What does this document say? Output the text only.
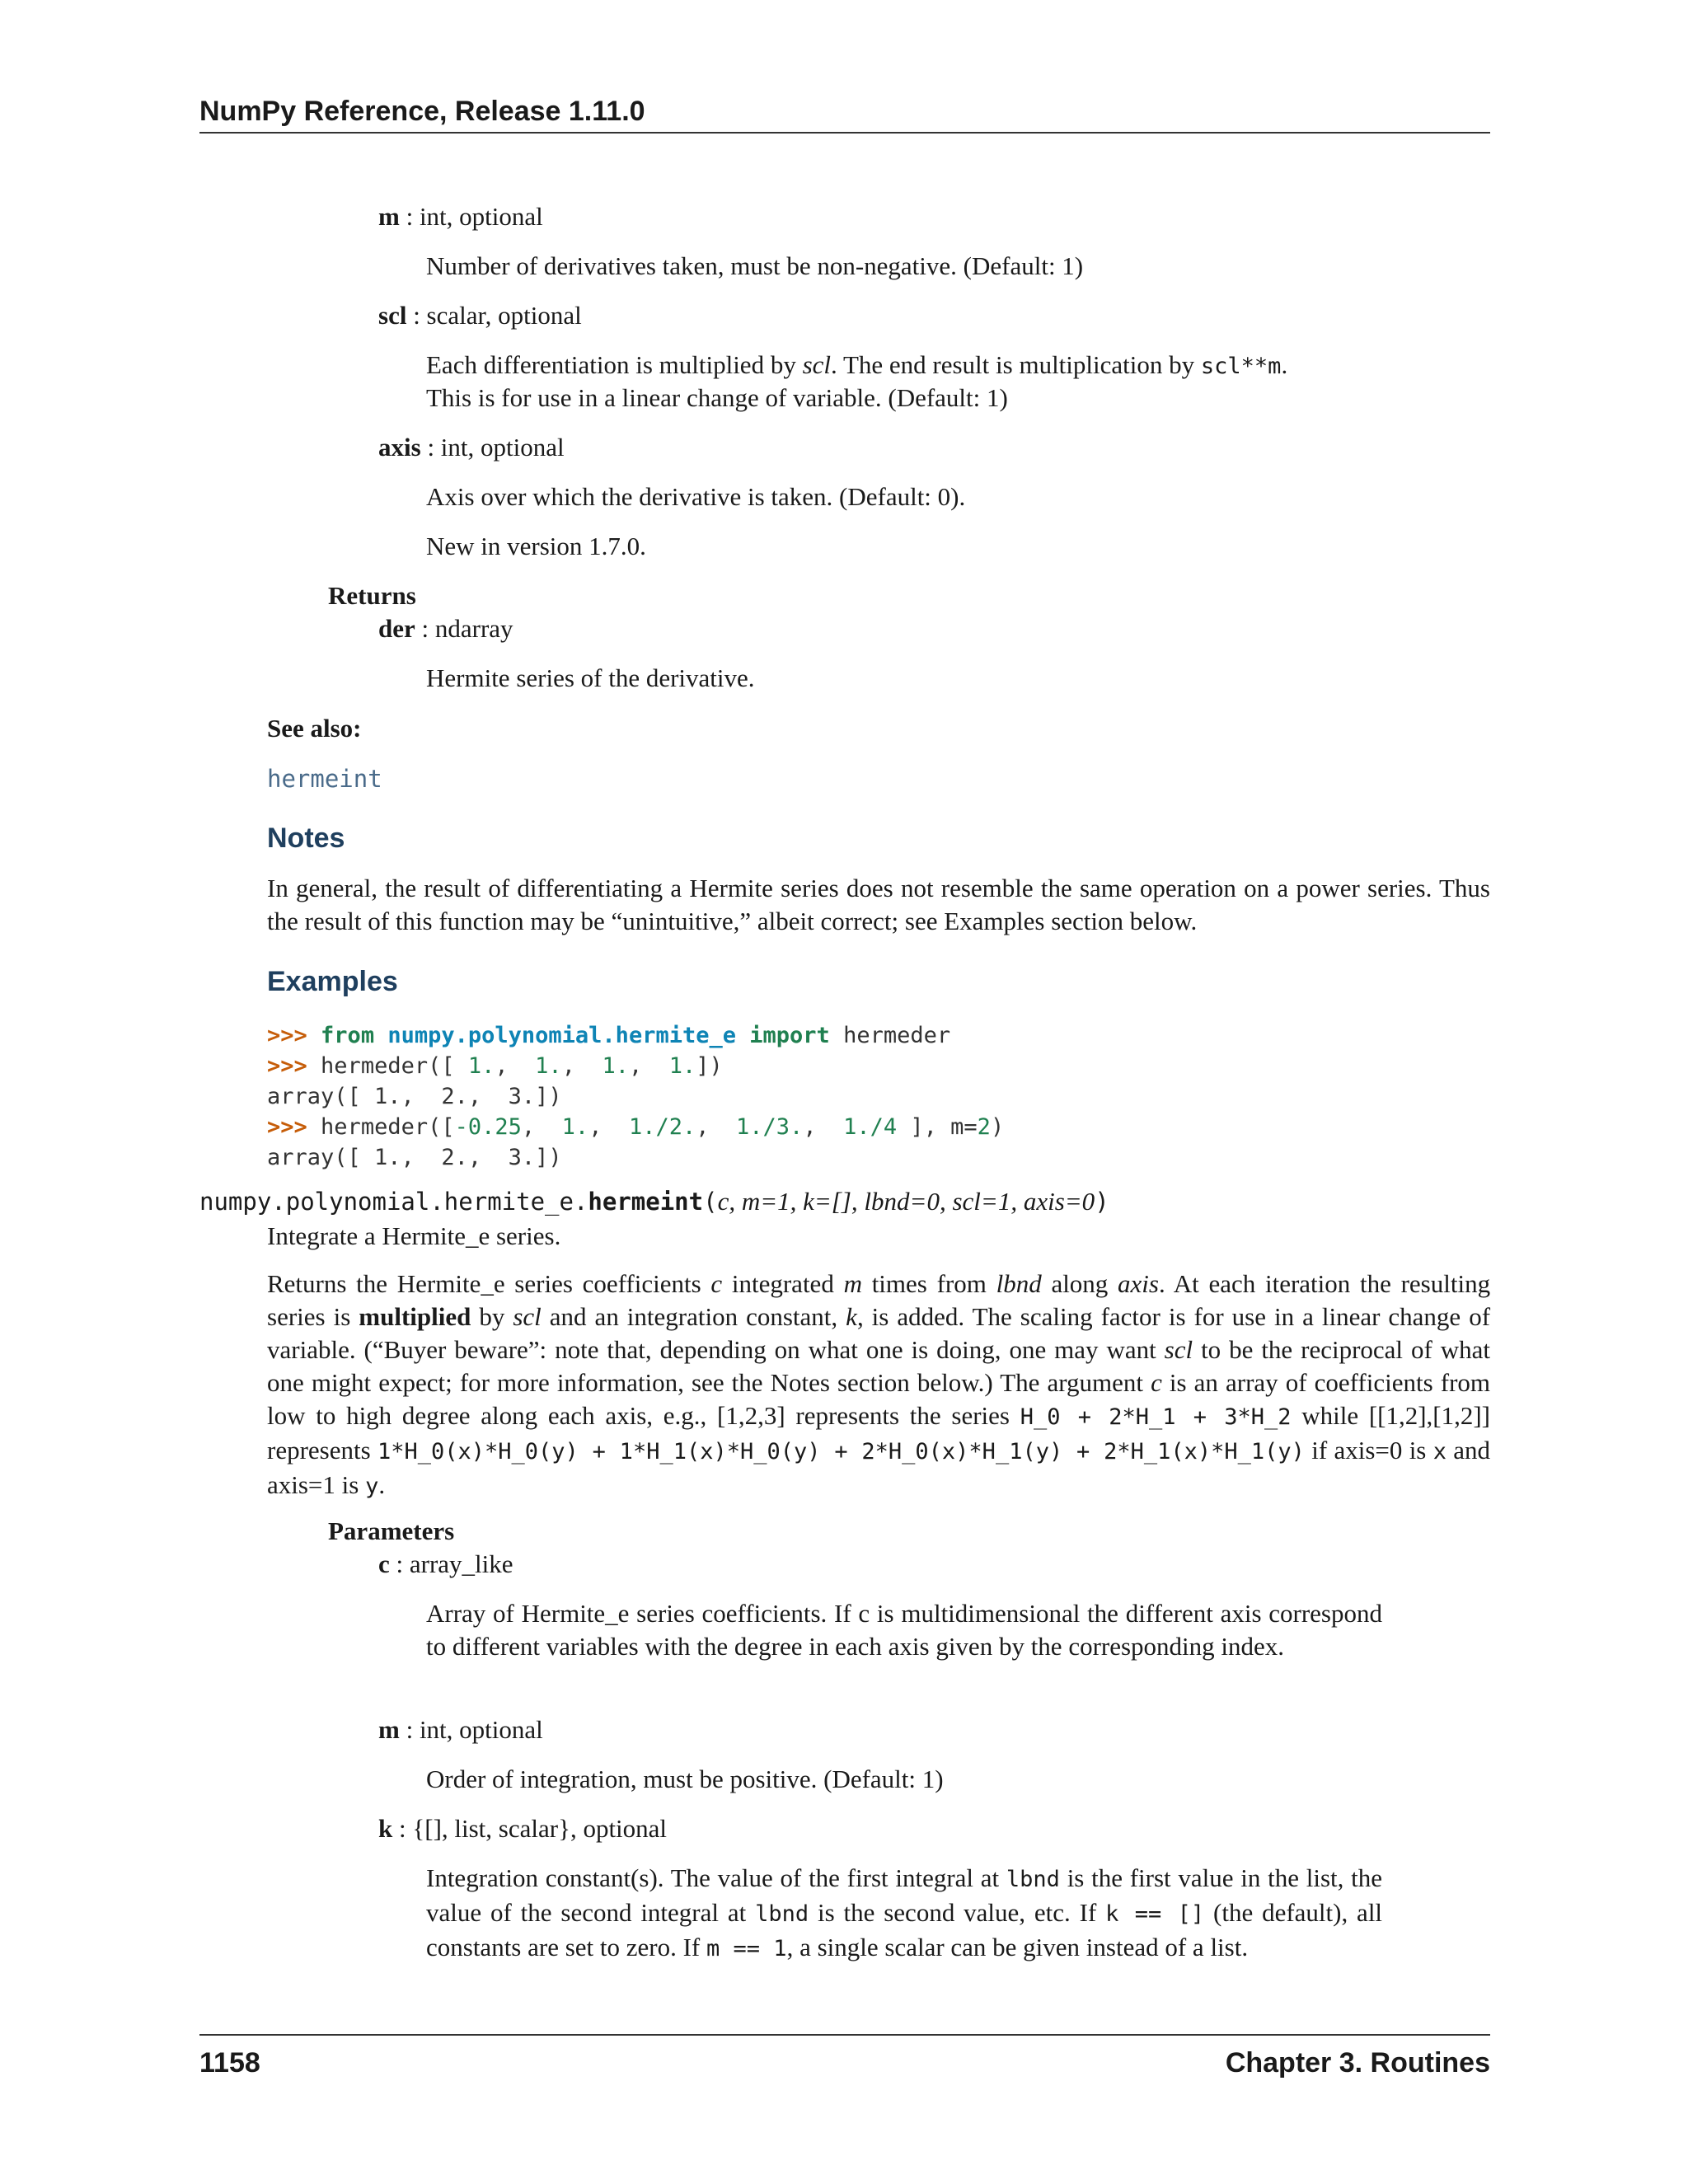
NumPy Reference, Release 1.11.0
m : int, optional
Number of derivatives taken, must be non-negative. (Default: 1)
scl : scalar, optional
Each differentiation is multiplied by scl. The end result is multiplication by scl**m.
This is for use in a linear change of variable. (Default: 1)
axis : int, optional
Axis over which the derivative is taken. (Default: 0).
New in version 1.7.0.
Returns
der : ndarray
Hermite series of the derivative.
See also:
hermeint
Notes
In general, the result of differentiating a Hermite series does not resemble the same operation on a power series. Thus the result of this function may be “unintuitive,” albeit correct; see Examples section below.
Examples
>>> from numpy.polynomial.hermite_e import hermeder
>>> hermeder([ 1.,  1.,  1.,  1.])
array([ 1.,  2.,  3.])
>>> hermeder([-0.25,  1.,  1./2.,  1./3.,  1./4 ], m=2)
array([ 1.,  2.,  3.])
numpy.polynomial.hermite_e.hermeint(c, m=1, k=[], lbnd=0, scl=1, axis=0)
Integrate a Hermite_e series.
Returns the Hermite_e series coefficients c integrated m times from lbnd along axis. At each iteration the resulting series is multiplied by scl and an integration constant, k, is added. The scaling factor is for use in a linear change of variable. (“Buyer beware”: note that, depending on what one is doing, one may want scl to be the reciprocal of what one might expect; for more information, see the Notes section below.) The argument c is an array of coefficients from low to high degree along each axis, e.g., [1,2,3] represents the series H_0 + 2*H_1 + 3*H_2 while [[1,2],[1,2]] represents 1*H_0(x)*H_0(y) + 1*H_1(x)*H_0(y) + 2*H_0(x)*H_1(y) + 2*H_1(x)*H_1(y) if axis=0 is x and axis=1 is y.
Parameters
c : array_like
Array of Hermite_e series coefficients. If c is multidimensional the different axis correspond to different variables with the degree in each axis given by the corresponding index.
m : int, optional
Order of integration, must be positive. (Default: 1)
k : {[], list, scalar}, optional
Integration constant(s). The value of the first integral at lbnd is the first value in the list, the value of the second integral at lbnd is the second value, etc. If k == [] (the default), all constants are set to zero. If m == 1, a single scalar can be given instead of a list.
1158	Chapter 3. Routines
